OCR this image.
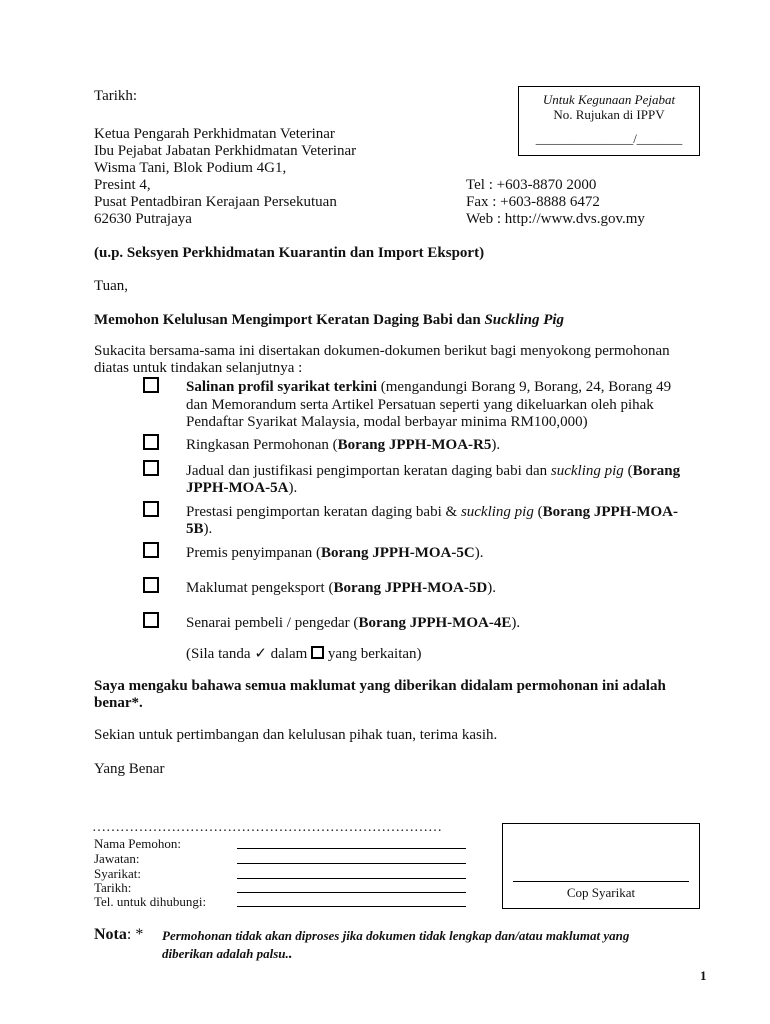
Tarikh:	Untuk Kegunaan Pejabat
No. Rujukan di IPPV
_______________/_______
Ketua Pengarah Perkhidmatan Veterinar
Ibu Pejabat Jabatan Perkhidmatan Veterinar
Wisma Tani, Blok Podium 4G1,
Presint 4,
Pusat Pentadbiran Kerajaan Persekutuan
62630 Putrajaya
Tel : +603-8870 2000
Fax : +603-8888 6472
Web : http://www.dvs.gov.my
(u.p. Seksyen Perkhidmatan Kuarantin dan Import Eksport)
Tuan,
Memohon Kelulusan Mengimport Keratan Daging Babi dan Suckling Pig
Sukacita bersama-sama ini disertakan dokumen-dokumen berikut bagi menyokong permohonan
diatas untuk tindakan selanjutnya :
Salinan profil syarikat terkini (mengandungi Borang 9, Borang, 24, Borang 49
dan Memorandum serta Artikel Persatuan seperti yang dikeluarkan oleh pihak
Pendaftar Syarikat Malaysia, modal berbayar minima RM100,000)
Ringkasan Permohonan (Borang JPPH-MOA-R5).
Jadual dan justifikasi pengimportan keratan daging babi dan suckling pig (Borang
JPPH-MOA-5A).
Prestasi pengimportan keratan daging babi & suckling pig (Borang JPPH-MOA-
5B).
Premis penyimpanan (Borang JPPH-MOA-5C).
Maklumat pengeksport (Borang JPPH-MOA-5D).
Senarai pembeli / pengedar (Borang JPPH-MOA-4E).
(Sila tanda ✓ dalam  yang berkaitan)
Saya mengaku bahawa semua maklumat yang diberikan didalam permohonan ini adalah
benar*.
Sekian untuk pertimbangan dan kelulusan pihak tuan, terima kasih.
Yang Benar
…………………………………………………………………
Nama Pemohon:
Jawatan:
Syarikat:
Tarikh:
Tel. untuk dihubungi:
Cop Syarikat
Nota: * Permohonan tidak akan diproses jika dokumen tidak lengkap dan/atau maklumat yang
diberikan adalah palsu..
1
